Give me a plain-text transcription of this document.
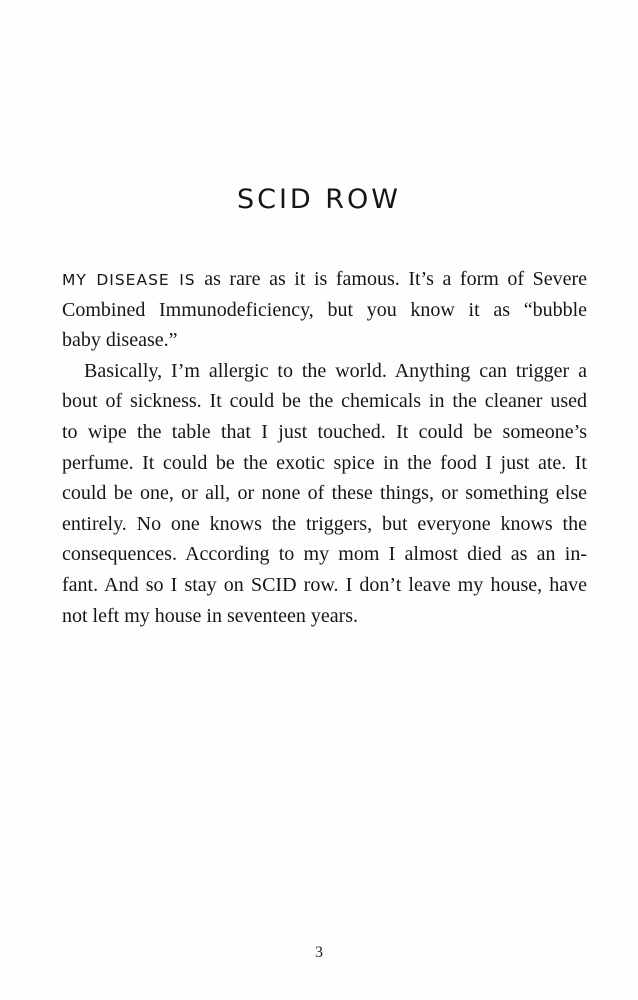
SCID ROW
MY DISEASE IS as rare as it is famous. It’s a form of Severe
Combined Immunodeficiency, but you know it as “bubble
baby disease.”
Basically, I’m allergic to the world. Anything can trigger a
bout of sickness. It could be the chemicals in the cleaner used
to wipe the table that I just touched. It could be someone’s
perfume. It could be the exotic spice in the food I just ate. It
could be one, or all, or none of these things, or something else
entirely. No one knows the triggers, but everyone knows the
consequences. According to my mom I almost died as an in-
fant. And so I stay on SCID row. I don’t leave my house, have
not left my house in seventeen years.
3
